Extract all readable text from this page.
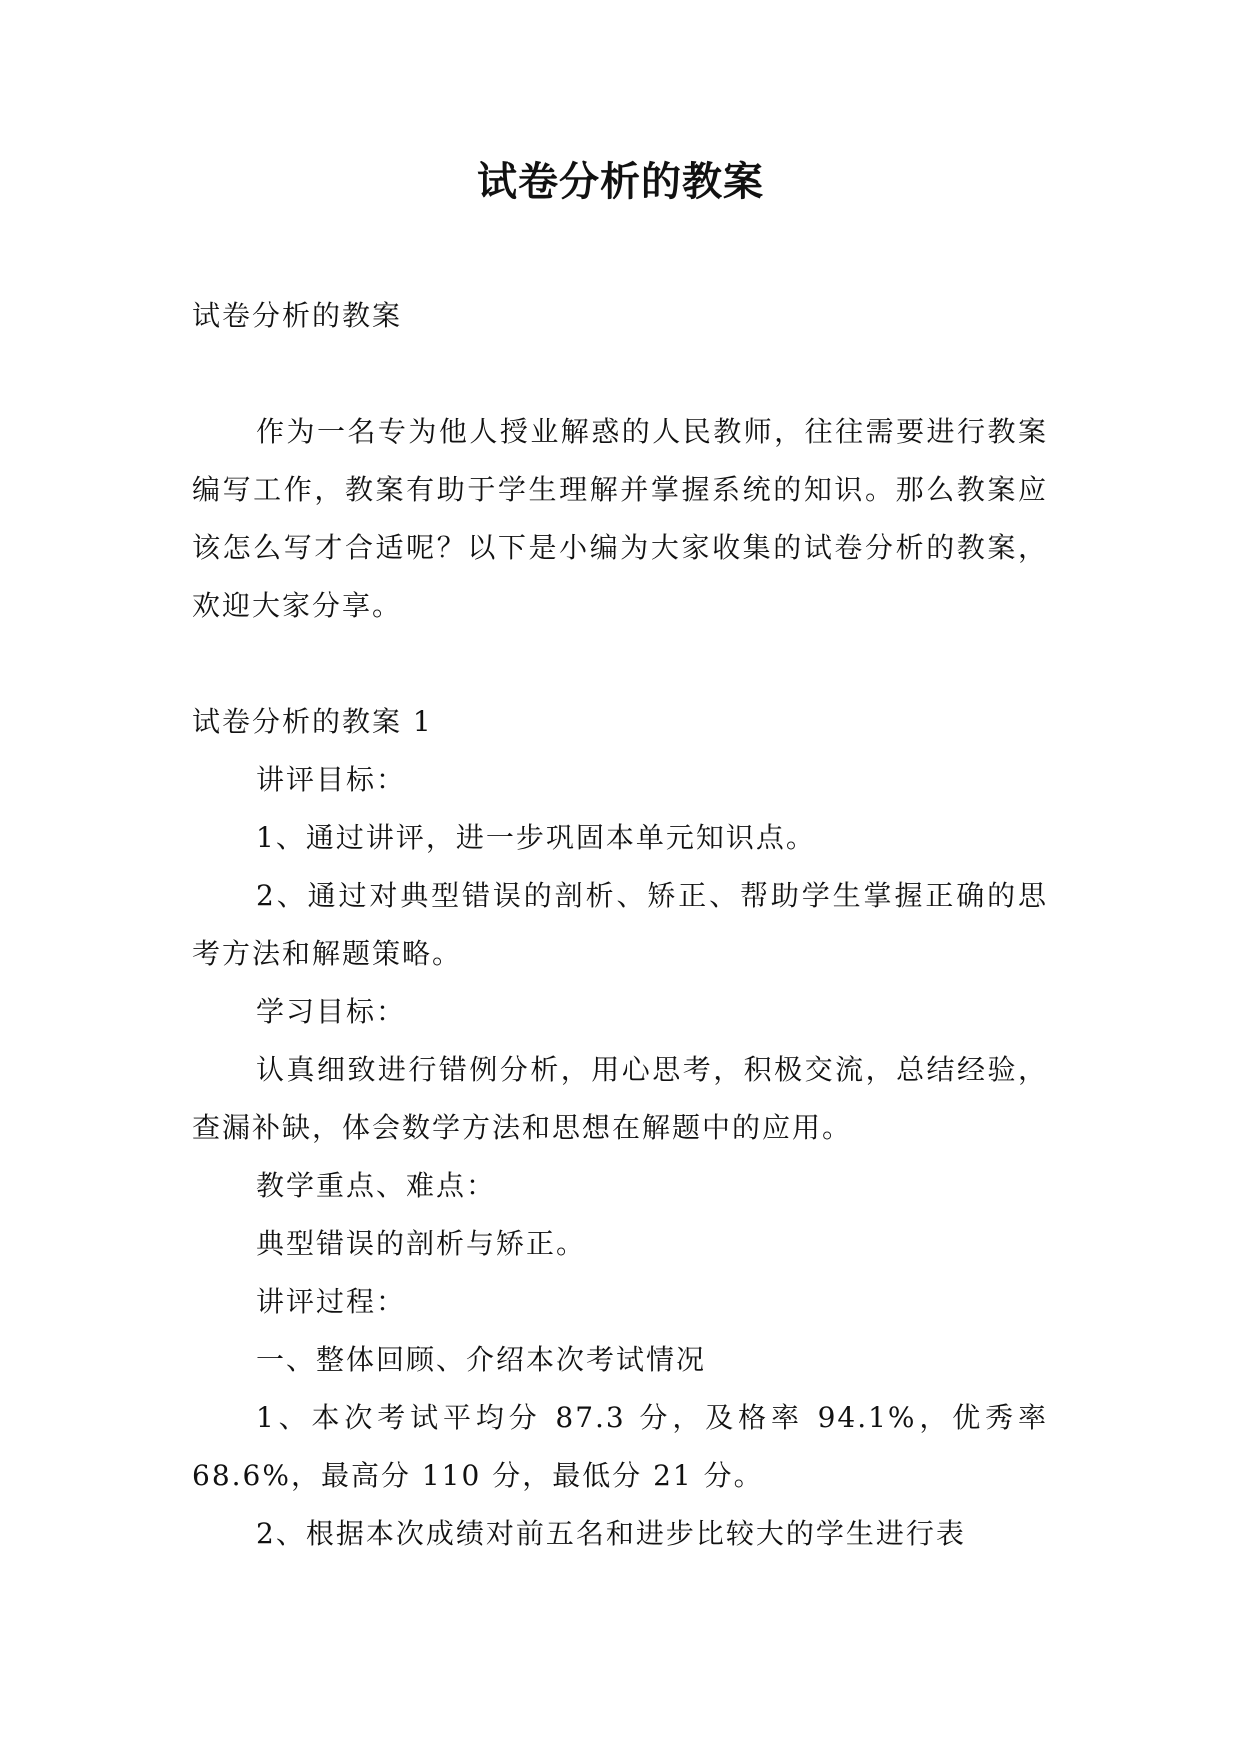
试卷分析的教案

试卷分析的教案

作为一名专为他人授业解惑的人民教师，往往需要进行教案编写工作，教案有助于学生理解并掌握系统的知识。那么教案应该怎么写才合适呢？以下是小编为大家收集的试卷分析的教案，欢迎大家分享。

试卷分析的教案 1

讲评目标：

1、通过讲评，进一步巩固本单元知识点。

2、通过对典型错误的剖析、矫正、帮助学生掌握正确的思考方法和解题策略。

学习目标：

认真细致进行错例分析，用心思考，积极交流，总结经验，查漏补缺，体会数学方法和思想在解题中的应用。

教学重点、难点：

典型错误的剖析与矫正。

讲评过程：

一、整体回顾、介绍本次考试情况

1、本次考试平均分 87.3 分，及格率 94.1%，优秀率 68.6%，最高分 110 分，最低分 21 分。

2、根据本次成绩对前五名和进步比较大的学生进行表
